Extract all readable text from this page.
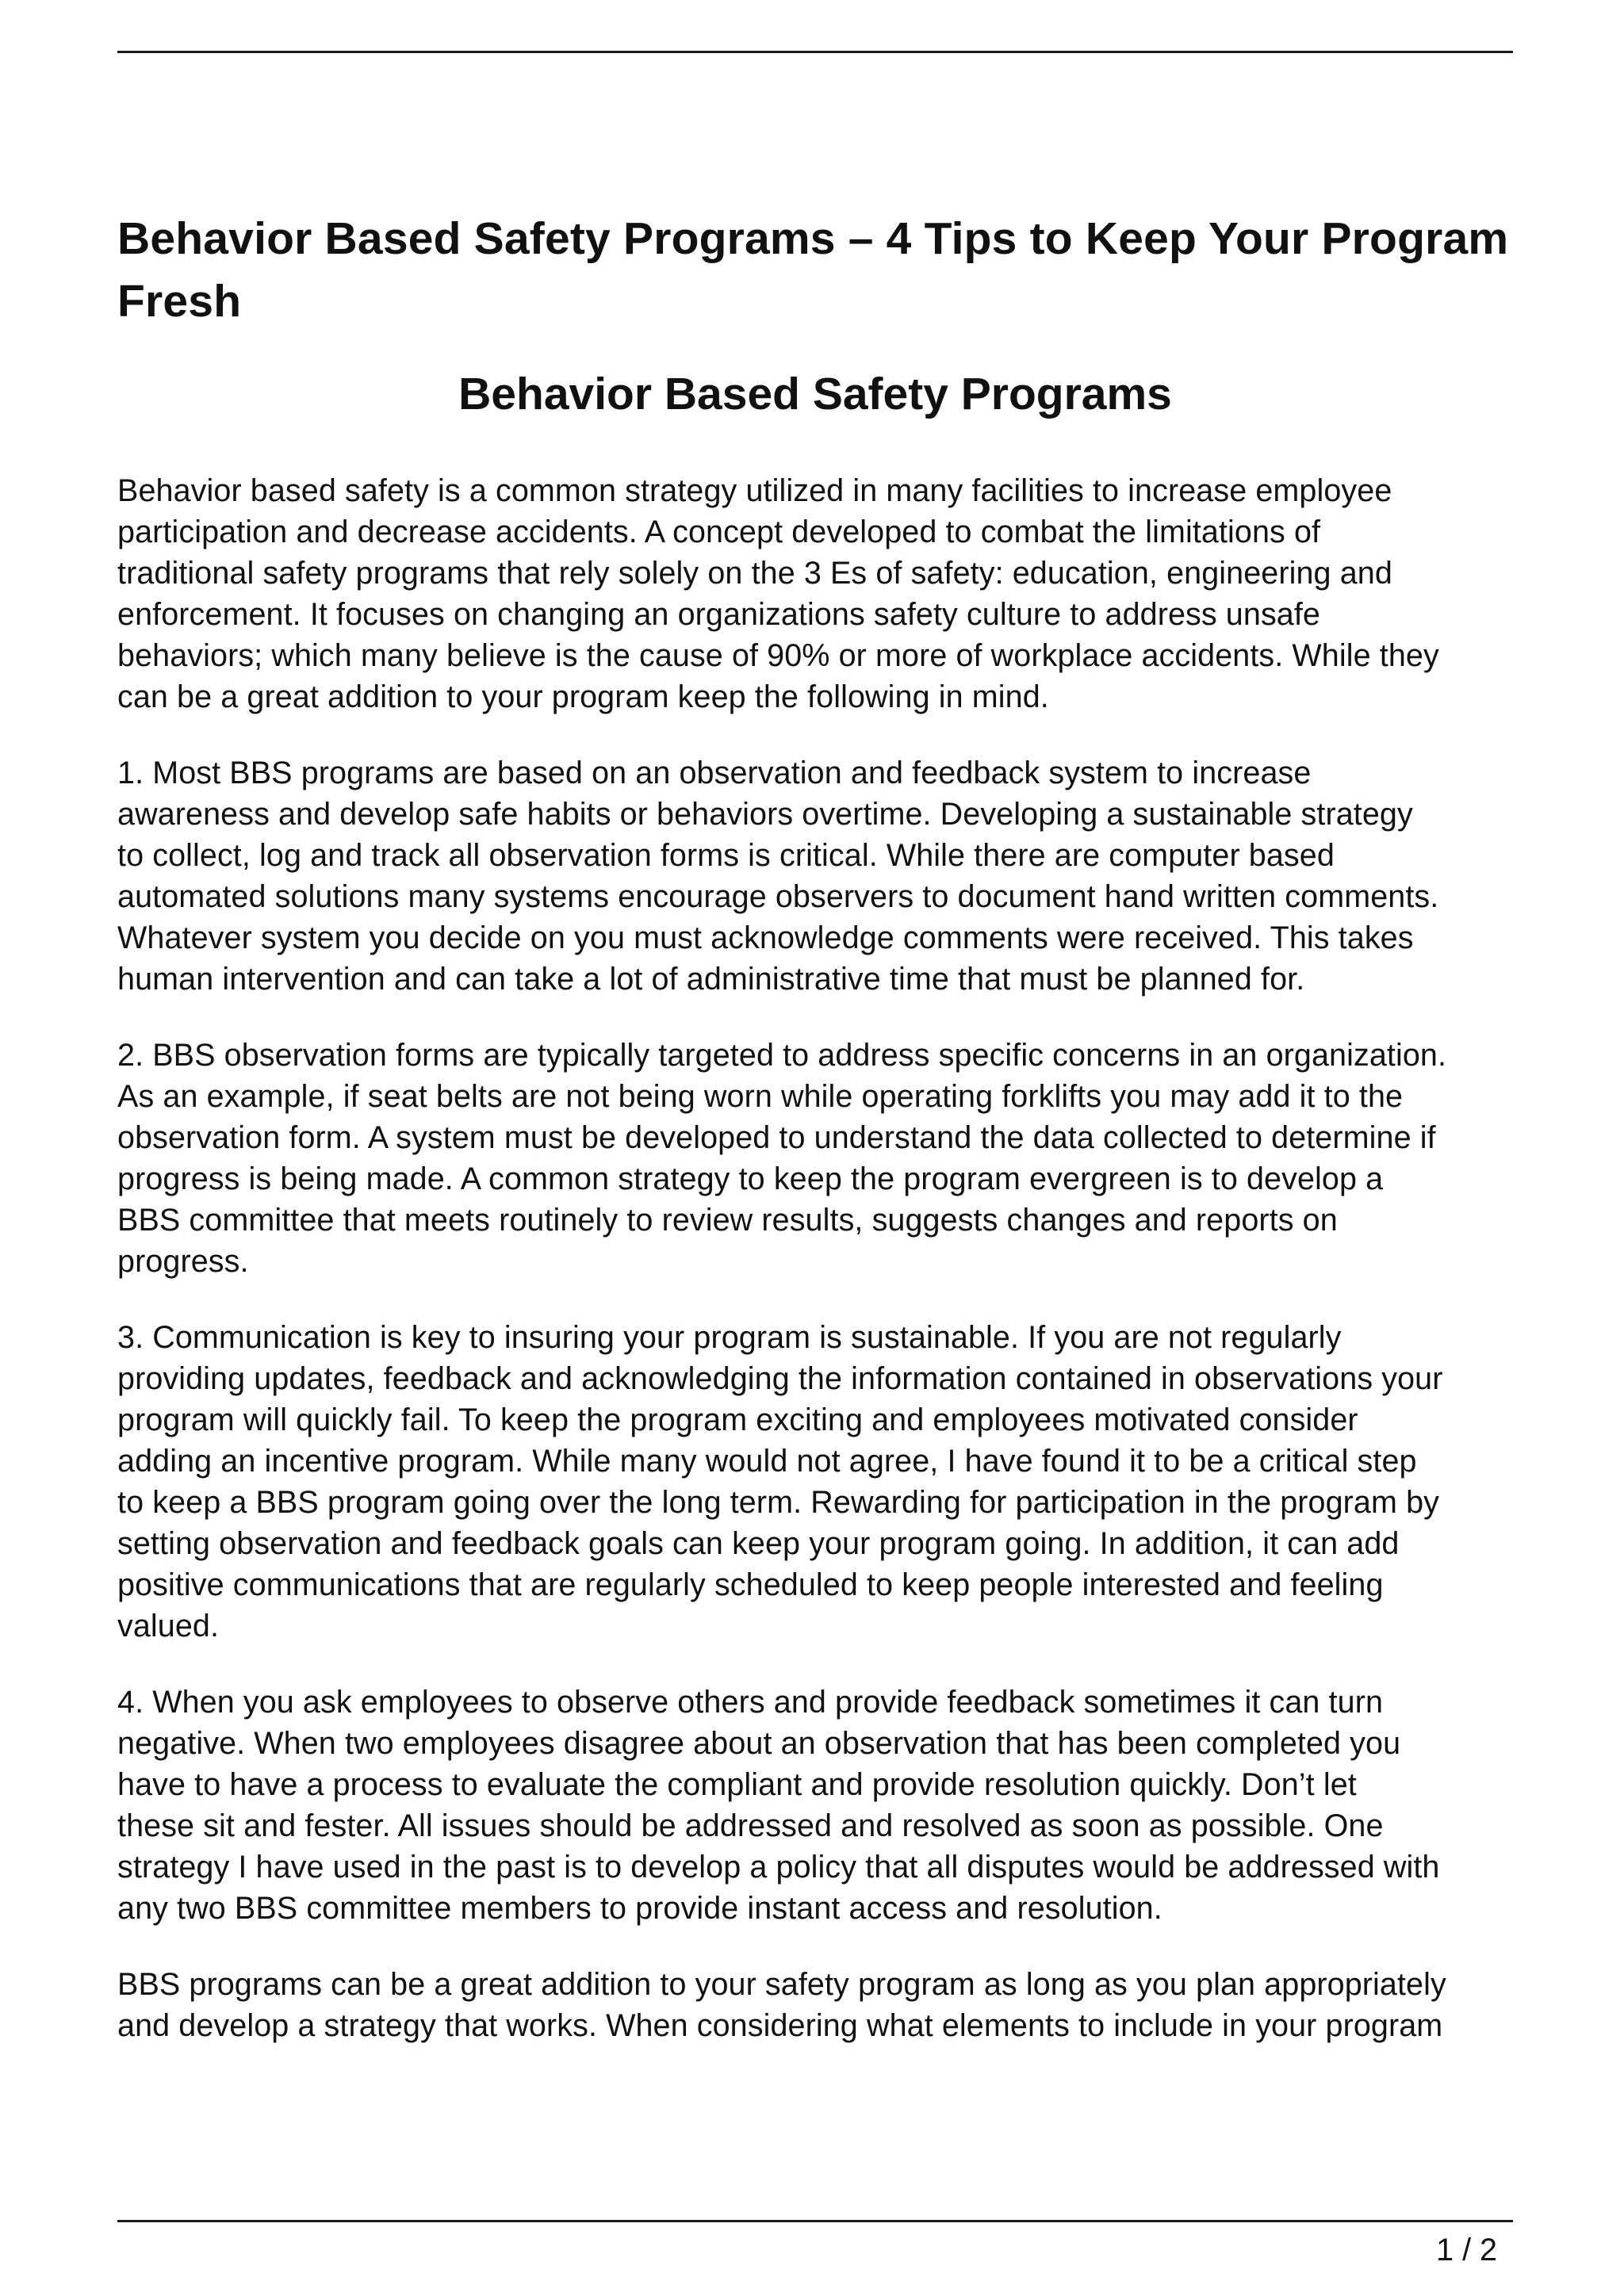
Behavior Based Safety Programs – 4 Tips to Keep Your Program Fresh
Behavior Based Safety Programs

Behavior based safety is a common strategy utilized in many facilities to increase employee
participation and decrease accidents. A concept developed to combat the limitations of
traditional safety programs that rely solely on the 3 Es of safety: education, engineering and
enforcement. It focuses on changing an organizations safety culture to address unsafe
behaviors; which many believe is the cause of 90% or more of workplace accidents. While they
can be a great addition to your program keep the following in mind.

1. Most BBS programs are based on an observation and feedback system to increase
awareness and develop safe habits or behaviors overtime. Developing a sustainable strategy
to collect, log and track all observation forms is critical. While there are computer based
automated solutions many systems encourage observers to document hand written comments.
Whatever system you decide on you must acknowledge comments were received. This takes
human intervention and can take a lot of administrative time that must be planned for.

2. BBS observation forms are typically targeted to address specific concerns in an organization.
As an example, if seat belts are not being worn while operating forklifts you may add it to the
observation form. A system must be developed to understand the data collected to determine if
progress is being made. A common strategy to keep the program evergreen is to develop a
BBS committee that meets routinely to review results, suggests changes and reports on
progress.

3. Communication is key to insuring your program is sustainable. If you are not regularly
providing updates, feedback and acknowledging the information contained in observations your
program will quickly fail. To keep the program exciting and employees motivated consider
adding an incentive program. While many would not agree, I have found it to be a critical step
to keep a BBS program going over the long term. Rewarding for participation in the program by
setting observation and feedback goals can keep your program going. In addition, it can add
positive communications that are regularly scheduled to keep people interested and feeling
valued.

4. When you ask employees to observe others and provide feedback sometimes it can turn
negative. When two employees disagree about an observation that has been completed you
have to have a process to evaluate the compliant and provide resolution quickly. Don’t let
these sit and fester. All issues should be addressed and resolved as soon as possible. One
strategy I have used in the past is to develop a policy that all disputes would be addressed with
any two BBS committee members to provide instant access and resolution.

BBS programs can be a great addition to your safety program as long as you plan appropriately
and develop a strategy that works. When considering what elements to include in your program

1 / 2
